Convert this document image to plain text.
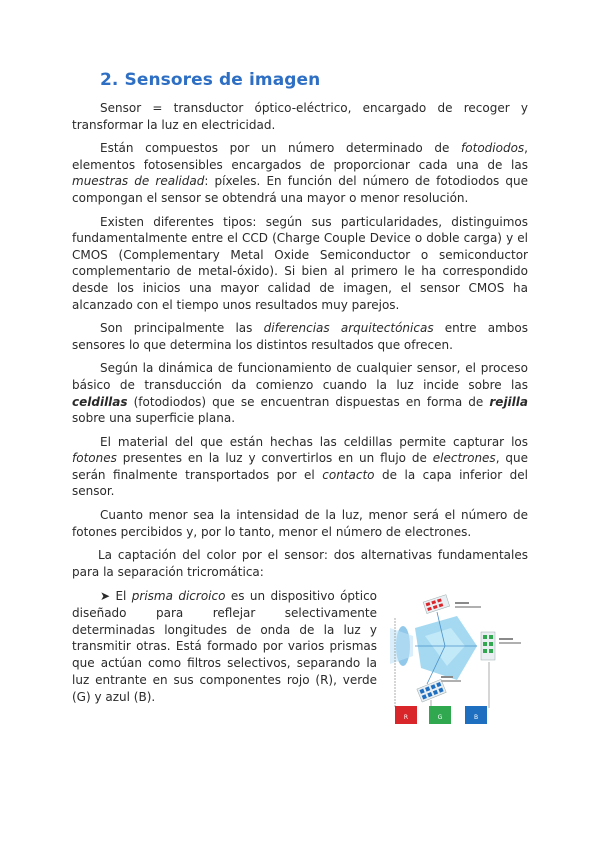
2. Sensores de imagen

Sensor = transductor óptico-eléctrico, encargado de recoger y transformar la luz en electricidad.

Están compuestos por un número determinado de fotodiodos, elementos fotosensibles encargados de proporcionar cada una de las muestras de realidad: píxeles. En función del número de fotodiodos que compongan el sensor se obtendrá una mayor o menor resolución.

Existen diferentes tipos: según sus particularidades, distinguimos fundamentalmente entre el CCD (Charge Couple Device o doble carga) y el CMOS (Complementary Metal Oxide Semiconductor o semiconductor complementario de metal-óxido). Si bien al primero le ha correspondido desde los inicios una mayor calidad de imagen, el sensor CMOS ha alcanzado con el tiempo unos resultados muy parejos.

Son principalmente las diferencias arquitectónicas entre ambos sensores lo que determina los distintos resultados que ofrecen.

Según la dinámica de funcionamiento de cualquier sensor, el proceso básico de transducción da comienzo cuando la luz incide sobre las celdillas (fotodiodos) que se encuentran dispuestas en forma de rejilla sobre una superficie plana.

El material del que están hechas las celdillas permite capturar los fotones presentes en la luz y convertirlos en un flujo de electrones, que serán finalmente transportados por el contacto de la capa inferior del sensor.

Cuanto menor sea la intensidad de la luz, menor será el número de fotones percibidos y, por lo tanto, menor el número de electrones.

La captación del color por el sensor: dos alternativas fundamentales para la separación tricromática:

➤ El prisma dicroico es un dispositivo óptico diseñado para reflejar selectivamente determinadas longitudes de onda de la luz y transmitir otras. Está formado por varios prismas que actúan como filtros selectivos, separando la luz entrante en sus componentes rojo (R), verde (G) y azul (B).

R	G	B
